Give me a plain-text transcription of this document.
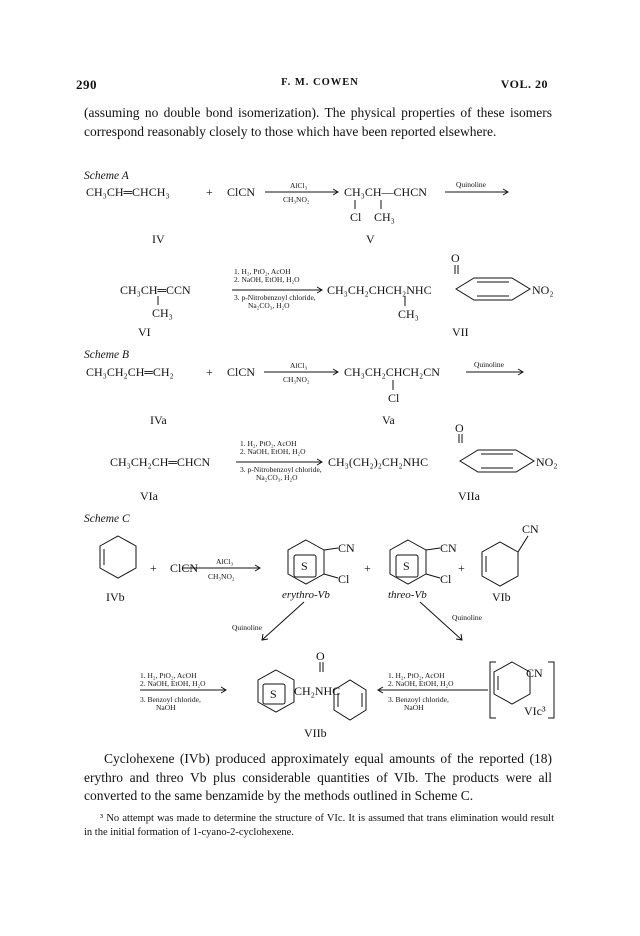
290	F. M. COWEN	VOL. 20
(assuming no double bond isomerization). The physical properties of these isomers correspond reasonably closely to those which have been reported elsewhere.
Scheme A
CH₃CH═CHCH₃	+ ClCN	AlCl₃
CH₃NO₂
CH₃CH—CHCN
Cl CH₃
Quinoline
IV	V
CH₃CH═CCN
CH₃
1. H₂, PtO₂, AcOH
2. NaOH, EtOH, H₂O
3. p-Nitrobenzoyl chloride,
Na₂CO₃, H₂O
CH₃CH₂CHCH₂NHC
CH₃
O
NO₂
VI	VII
Scheme B
CH₃CH₂CH═CH₂	+ ClCN	AlCl₃
CH₃NO₂
CH₃CH₂CHCH₂CN
Cl
Quinoline
IVa	Va
CH₃CH₂CH═CHCN
1. H₂, PtO₂, AcOH
2. NaOH, EtOH, H₂O
3. p-Nitrobenzoyl chloride,
Na₂CO₃, H₂O
CH₃(CH₂)₂CH₂NHC
O
NO₂
VIa	VIIa
Scheme C
+ ClCN AlCl₃
CH₃NO₂
S
CN
Cl
+	S
CN
Cl
+
CN
IVb	erythro-Vb	threo-Vb	VIb
Quinoline
Quinoline
1. H₂, PtO₂, AcOH
2. NaOH, EtOH, H₂O
3. Benzoyl chloride,
NaOH
S CH₂NHC
O
VIIb
1. H₂, PtO₂, AcOH
2. NaOH, EtOH, H₂O
3. Benzoyl chloride,
NaOH
CN
VIc³
Cyclohexene (IVb) produced approximately equal amounts of the reported (18) erythro and threo Vb plus considerable quantities of VIb. The products were all converted to the same benzamide by the methods outlined in Scheme C.
³ No attempt was made to determine the structure of VIc. It is assumed that trans elimination would result in the initial formation of 1-cyano-2-cyclohexene.
